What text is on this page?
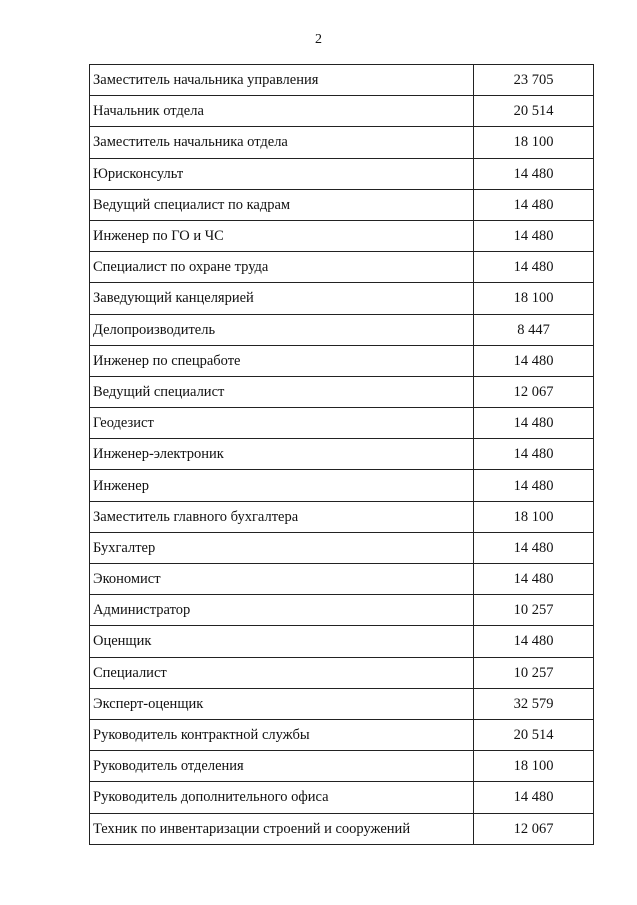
2
Заместитель начальника управления	23 705
Начальник отдела	20 514
Заместитель начальника отдела	18 100
Юрисконсульт	14 480
Ведущий специалист по кадрам	14 480
Инженер по ГО и ЧС	14 480
Специалист по охране труда	14 480
Заведующий канцелярией	18 100
Делопроизводитель	8 447
Инженер по спецработе	14 480
Ведущий специалист	12 067
Геодезист	14 480
Инженер-электроник	14 480
Инженер	14 480
Заместитель главного бухгалтера	18 100
Бухгалтер	14 480
Экономист	14 480
Администратор	10 257
Оценщик	14 480
Специалист	10 257
Эксперт-оценщик	32 579
Руководитель контрактной службы	20 514
Руководитель отделения	18 100
Руководитель дополнительного офиса	14 480
Техник по инвентаризации строений и сооружений	12 067
